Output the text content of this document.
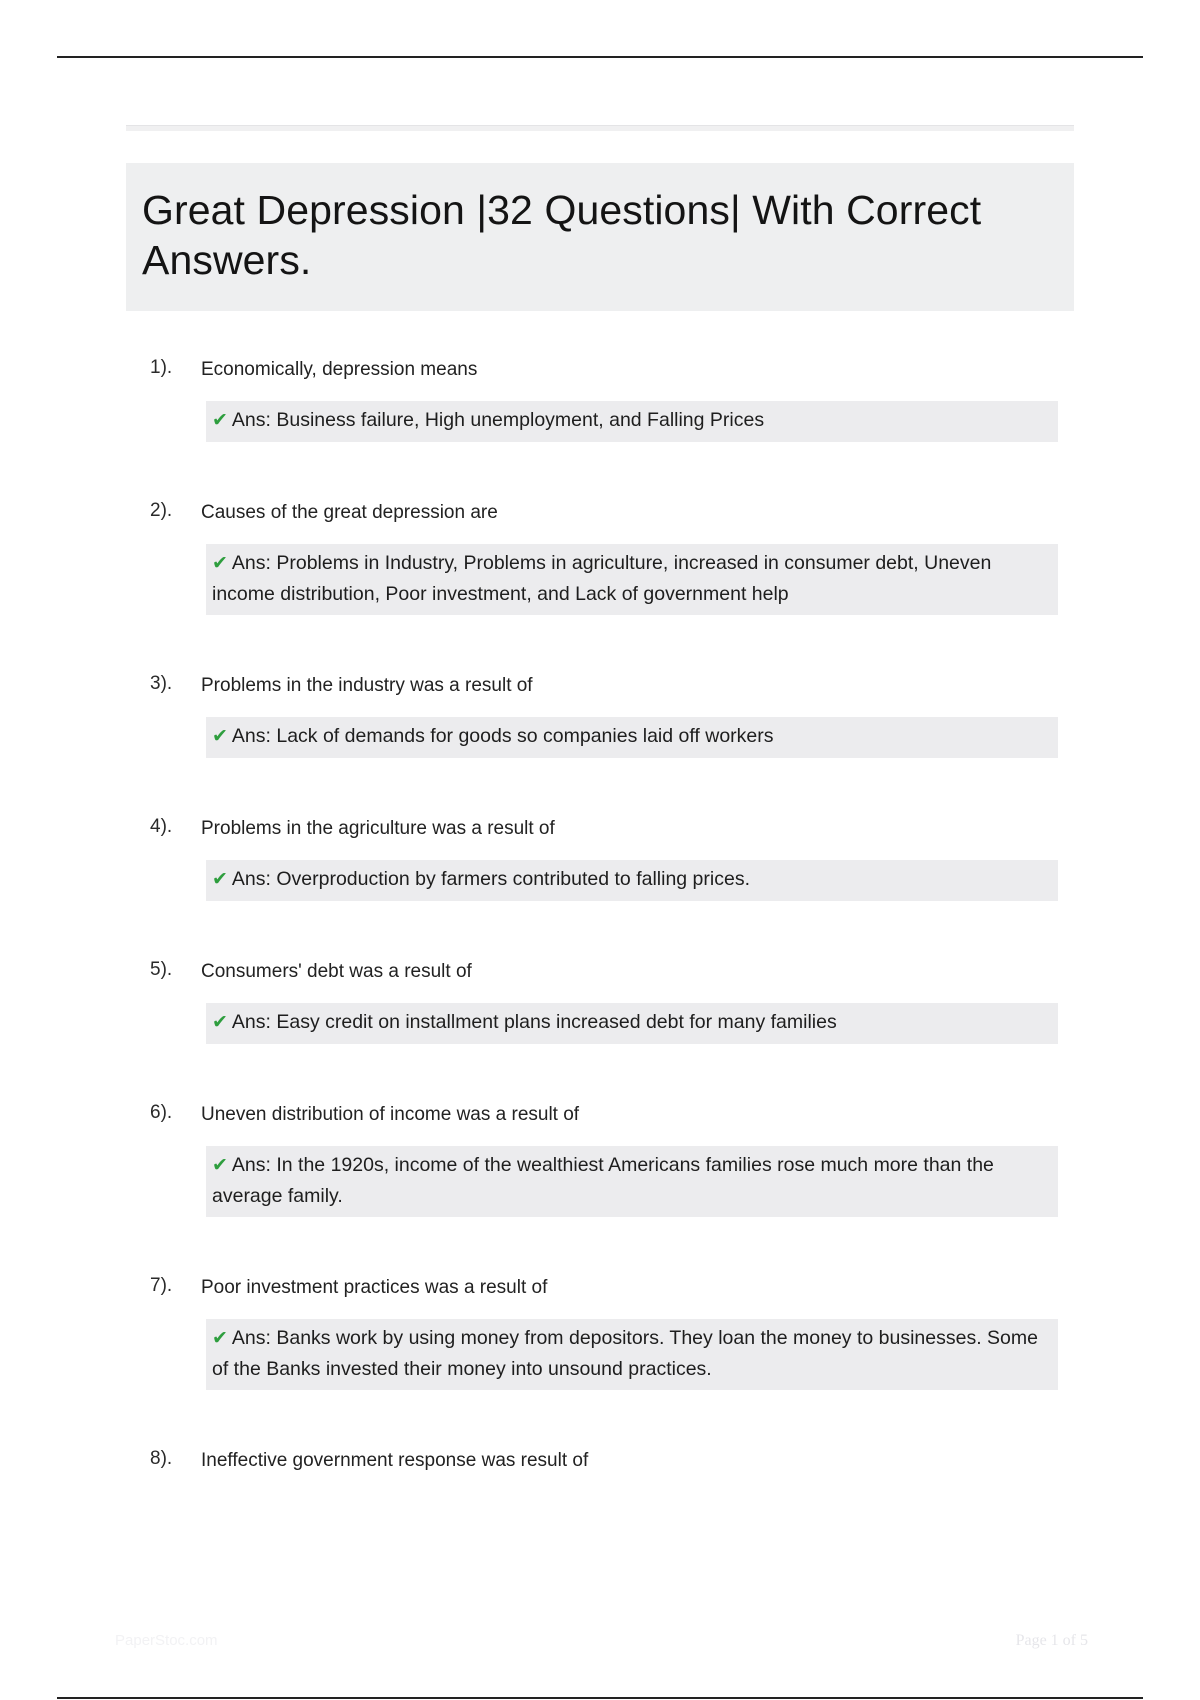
Great Depression |32 Questions| With Correct Answers.
1).	Economically, depression means
✔ Ans: Business failure, High unemployment, and Falling Prices
2).	Causes of the great depression are
✔ Ans: Problems in Industry, Problems in agriculture, increased in consumer debt, Uneven income distribution, Poor investment, and Lack of government help
3).	Problems in the industry was a result of
✔ Ans: Lack of demands for goods so companies laid off workers
4).	Problems in the agriculture was a result of
✔ Ans: Overproduction by farmers contributed to falling prices.
5).	Consumers' debt was a result of
✔ Ans: Easy credit on installment plans increased debt for many families
6).	Uneven distribution of income was a result of
✔ Ans: In the 1920s, income of the wealthiest Americans families rose much more than the average family.
7).	Poor investment practices was a result of
✔ Ans: Banks work by using money from depositors. They loan the money to businesses. Some of the Banks invested their money into unsound practices.
8).	Ineffective government response was result of
PaperStoc.com	Page 1 of 5
